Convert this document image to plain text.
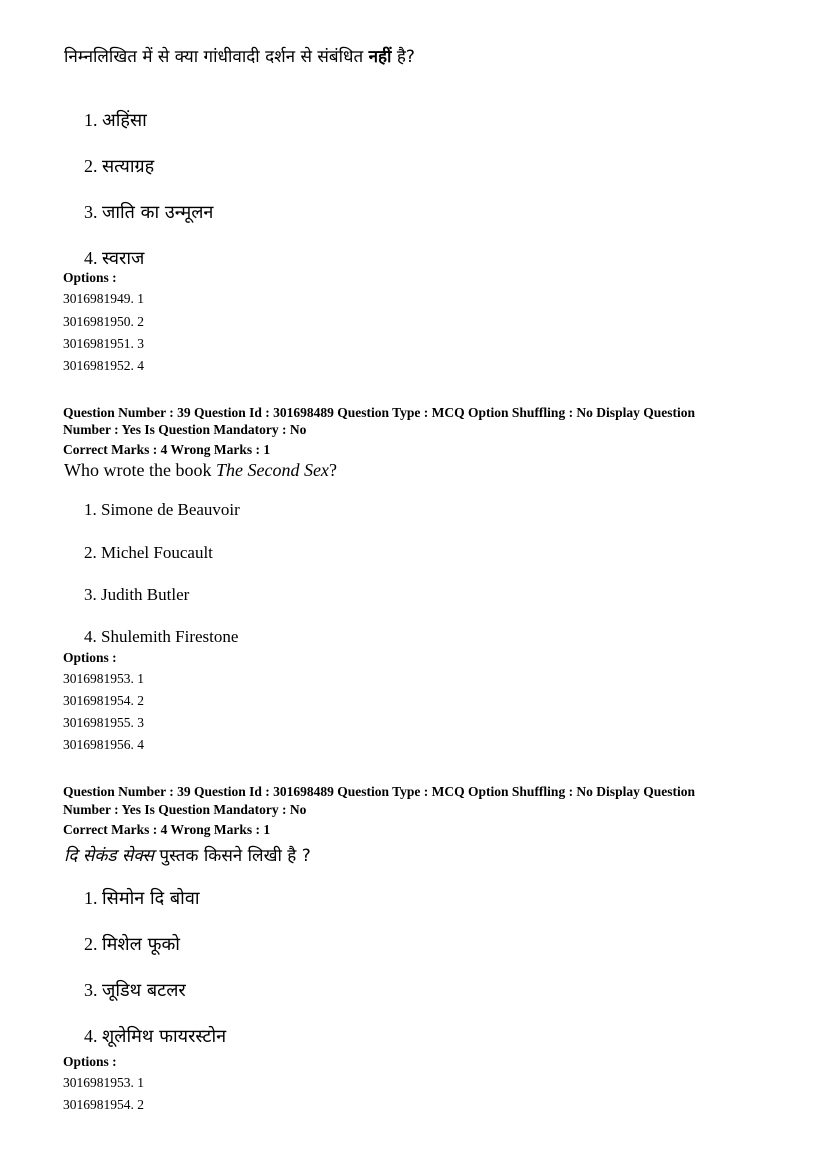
निम्नलिखित में से क्या गांधीवादी दर्शन से संबंधित नहीं है?
1. अहिंसा
2. सत्याग्रह
3. जाति का उन्मूलन
4. स्वराज
Options :
3016981949. 1
3016981950. 2
3016981951. 3
3016981952. 4
Question Number : 39 Question Id : 301698489 Question Type : MCQ Option Shuffling : No Display Question
Number : Yes Is Question Mandatory : No
Correct Marks : 4 Wrong Marks : 1
Who wrote the book The Second Sex?
1. Simone de Beauvoir
2. Michel Foucault
3. Judith Butler
4. Shulemith Firestone
Options :
3016981953. 1
3016981954. 2
3016981955. 3
3016981956. 4
Question Number : 39 Question Id : 301698489 Question Type : MCQ Option Shuffling : No Display Question
Number : Yes Is Question Mandatory : No
Correct Marks : 4 Wrong Marks : 1
दि सेकंड सेक्स पुस्तक किसने लिखी है ?
1. सिमोन दि बोवा
2. मिशेल फूको
3. जूडिथ बटलर
4. शूलेमिथ फायरस्टोन
Options :
3016981953. 1
3016981954. 2
